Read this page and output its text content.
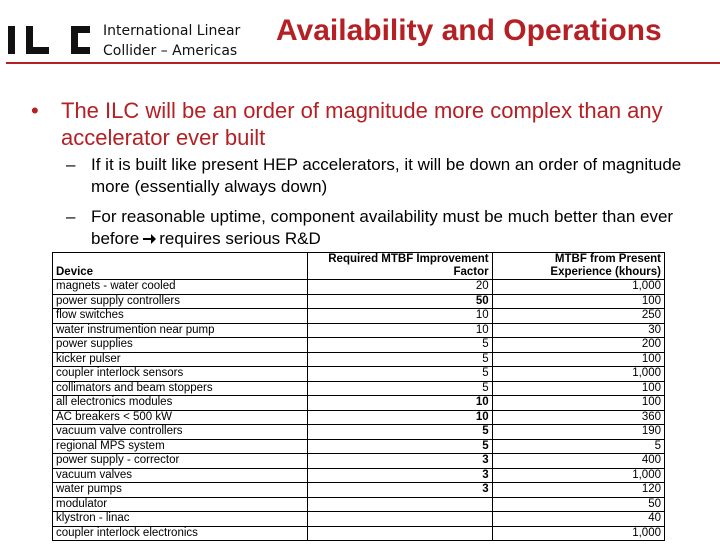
International Linear
Collider – Americas
Availability and Operations
• The ILC will be an order of magnitude more complex than any accelerator ever built
– If it is built like present HEP accelerators, it will be down an order of magnitude more (essentially always down)
– For reasonable uptime, component availability must be much better than ever before requires serious R&D
Device	Required MTBF Improvement Factor	MTBF from Present Experience (khours)
magnets - water cooled	20	1,000
power supply controllers	50	100
flow switches	10	250
water instrumention near pump	10	30
power supplies	5	200
kicker pulser	5	100
coupler interlock sensors	5	1,000
collimators and beam stoppers	5	100
all electronics modules	10	100
AC breakers < 500 kW	10	360
vacuum valve controllers	5	190
regional MPS system	5	5
power supply - corrector	3	400
vacuum valves	3	1,000
water pumps	3	120
modulator		50
klystron - linac		40
coupler interlock electronics		1,000
